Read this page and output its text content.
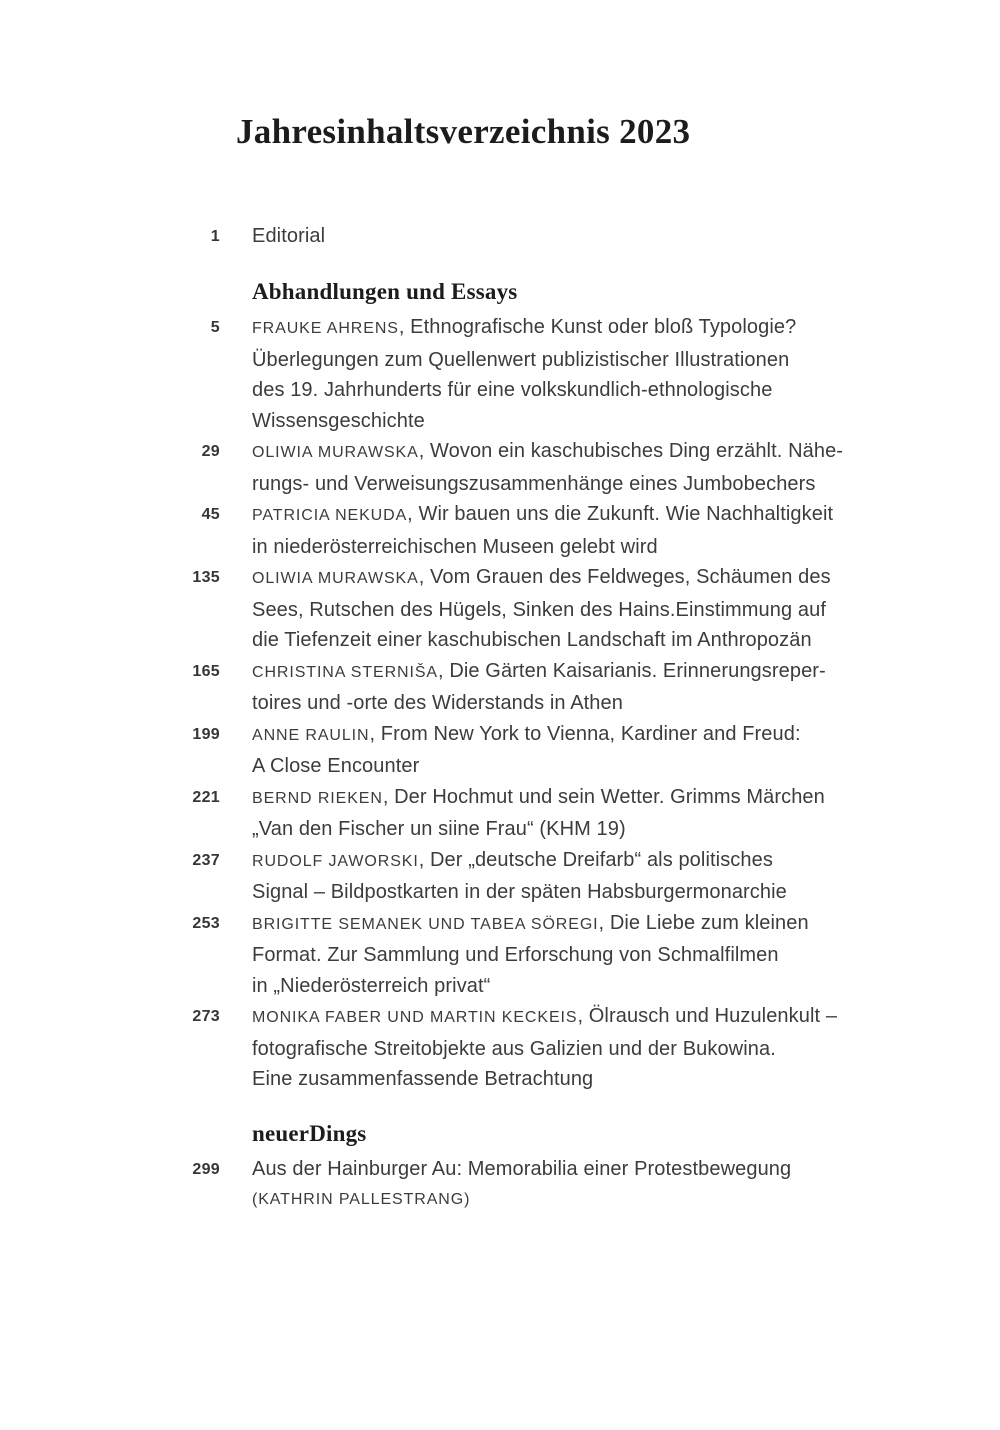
Jahresinhaltsverzeichnis 2023
1 Editorial
Abhandlungen und Essays
5 FRAUKE AHRENS, Ethnografische Kunst oder bloß Typologie?
Überlegungen zum Quellenwert publizistischer Illustrationen
des 19. Jahrhunderts für eine volkskundlich-ethnologische
Wissensgeschichte
29 OLIWIA MURAWSKA, Wovon ein kaschubisches Ding erzählt. Nähe-
rungs- und Verweisungszusammenhänge eines Jumbobechers
45 PATRICIA NEKUDA, Wir bauen uns die Zukunft. Wie Nachhaltigkeit
in niederösterreichischen Museen gelebt wird
135 OLIWIA MURAWSKA, Vom Grauen des Feldweges, Schäumen des
Sees, Rutschen des Hügels, Sinken des Hains.Einstimmung auf
die Tiefenzeit einer kaschubischen Landschaft im Anthropozän
165 CHRISTINA STERNIŠA, Die Gärten Kaisarianis. Erinnerungsreper-
toires und -orte des Widerstands in Athen
199 ANNE RAULIN, From New York to Vienna, Kardiner and Freud:
A Close Encounter
221 BERND RIEKEN, Der Hochmut und sein Wetter. Grimms Märchen
„Van den Fischer un siine Frau“ (KHM 19)
237 RUDOLF JAWORSKI, Der „deutsche Dreifarb“ als politisches
Signal – Bildpostkarten in der späten Habsburgermonarchie
253 BRIGITTE SEMANEK UND TABEA SÖREGI, Die Liebe zum kleinen
Format. Zur Sammlung und Erforschung von Schmalfilmen
in „Niederösterreich privat“
273 MONIKA FABER UND MARTIN KECKEIS, Ölrausch und Huzulenkult –
fotografische Streitobjekte aus Galizien und der Bukowina.
Eine zusammenfassende Betrachtung
neuerDings
299 Aus der Hainburger Au: Memorabilia einer Protestbewegung
(KATHRIN PALLESTRANG)
